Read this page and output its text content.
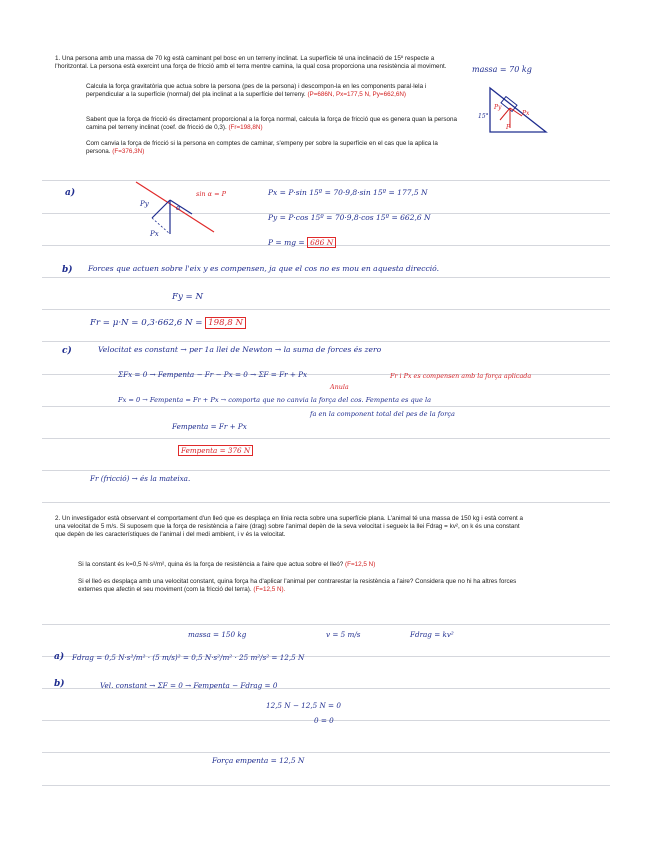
1. Una persona amb una massa de 70 kg està caminant pel bosc en un terreny inclinat. La superfície té una inclinació de 15º respecte a l'horitzontal. La persona està exercint una força de fricció amb el terra mentre camina, la qual cosa proporciona una resistència al moviment.
Calcula la força gravitatòria que actua sobre la persona (pes de la persona) i descompon-la en les components paral·lela i perpendicular a la superfície (normal) del pla inclinat a la superfície del terreny. (P=686N, Px=177,5 N, Py=662,6N)
Sabent que la força de fricció és directament proporcional a la força normal, calcula la força de fricció que es genera quan la persona camina pel terreny inclinat (coef. de fricció de 0,3). (Fr=198,8N)
Com canvia la força de fricció si la persona en comptes de caminar, s'empeny per sobre la superfície en el cas que la aplica la persona. (F=376,3N)
massa = 70 kg
15°
P
Px
Py
a)
α
Py
Px
sin α = P	Px = P·sin 15º = 70·9,8·sin 15º = 177,5 N
Py = P·cos 15º = 70·9,8·cos 15º = 662,6 N
P = mg = 686 N
b) Forces que actuen sobre l'eix y es compensen, ja que el cos no es mou en aquesta direcció.
Fy = N
Fr = μ·N = 0,3·662,6 N = 198,8 N
c)	Velocitat es constant → per 1a llei de Newton → la suma de forces és zero
ΣFx = 0 → Fempenta − Fr − Px = 0 → ΣF = Fr + Px	Fr i Px es compensen amb la força aplicada
Anula
Fx = 0 → Fempenta = Fr + Px → comporta que no canvia la força del cos. Fempenta es que la
fa en la component total del pes de la força
Fempenta = Fr + Px
Fempenta = 376 N
Fr (fricció) → és la mateixa.
2. Un investigador està observant el comportament d'un lleó que es desplaça en línia recta sobre una superfície plana. L'animal té una massa de 150 kg i està corrent a una velocitat de 5 m/s. Si suposem que la força de resistència a l'aire (drag) sobre l'animal depèn de la seva velocitat i segueix la llei Fdrag = kv², on k és una constant que depèn de les característiques de l'animal i del medi ambient, i v és la velocitat.
Si la constant és k=0,5 N·s²/m², quina és la força de resistència a l'aire que actua sobre el lleó? (F=12,5 N)
Si el lleó es desplaça amb una velocitat constant, quina força ha d'aplicar l'animal per contrarestar la resistència a l'aire? Considera que no hi ha altres forces externes que afectin el seu moviment (com la fricció del terra). (F=12,5 N).
massa = 150 kg	v = 5 m/s	Fdrag = kv²
a) Fdrag = 0,5 N·s²/m² · (5 m/s)² = 0,5 N·s²/m² · 25 m²/s² = 12,5 N
b)	Vel. constant → ΣF = 0 → Fempenta − Fdrag = 0
12,5 N − 12,5 N = 0
0 = 0
Força empenta = 12,5 N
